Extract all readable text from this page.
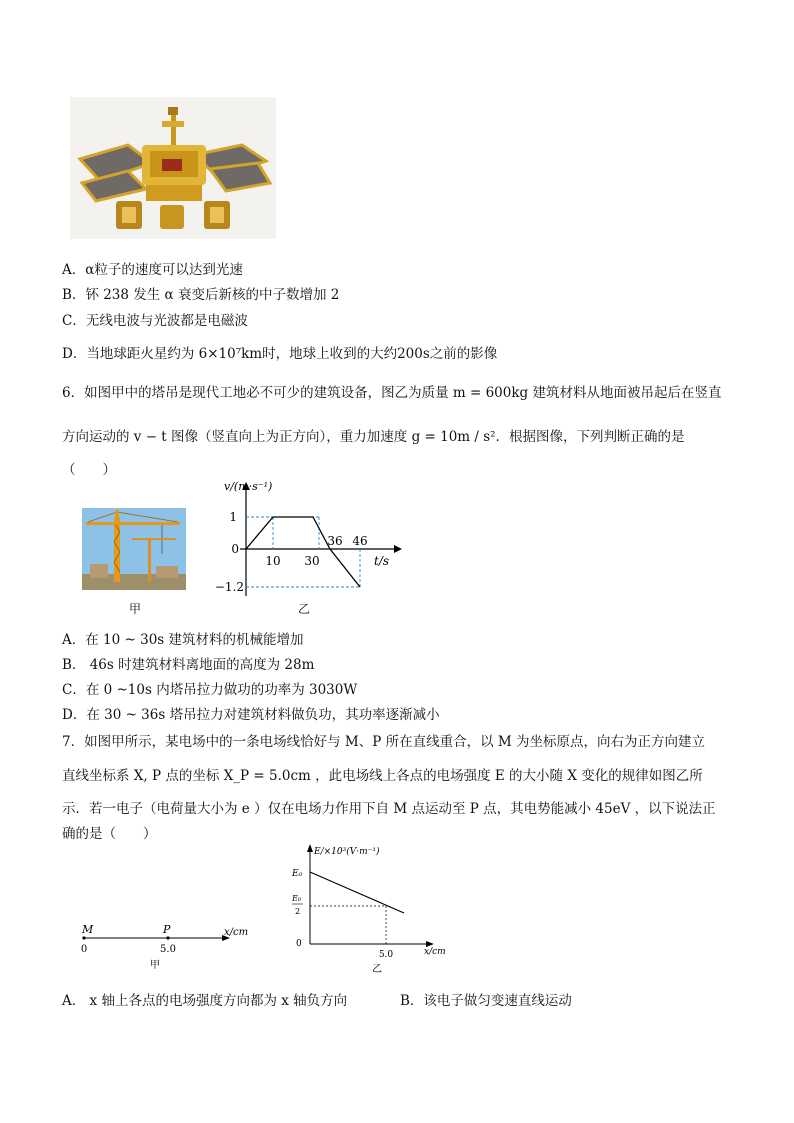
A．α粒子的速度可以达到光速
B．钚 238 发生 α 衰变后新核的中子数增加 2
C．无线电波与光波都是电磁波
D．当地球距火星约为 6×10⁷km时，地球上收到的大约200s之前的影像
6．如图甲中的塔吊是现代工地必不可少的建筑设备，图乙为质量 m = 600kg 建筑材料从地面被吊起后在竖直
方向运动的 v − t 图像（竖直向上为正方向），重力加速度 g = 10m / s²．根据图像，下列判断正确的是
（　　）
甲
v/(m·s⁻¹)
1
0
−1.2
10 30
36 46
t/s
乙
A．在 10 ~ 30s 建筑材料的机械能增加
B． 46s 时建筑材料离地面的高度为 28m
C．在 0 ~10s 内塔吊拉力做功的功率为 3030W
D．在 30 ~ 36s 塔吊拉力对建筑材料做负功，其功率逐渐减小
7．如图甲所示，某电场中的一条电场线恰好与 M、P 所在直线重合，以 M 为坐标原点，向右为正方向建立
直线坐标系 X, P 点的坐标 X_P = 5.0cm ，此电场线上各点的电场强度 E 的大小随 X 变化的规律如图乙所
示．若一电子（电荷量大小为 e ）仅在电场力作用下自 M 点运动至 P 点，其电势能减小 45eV ，以下说法正
确的是（　　）
M	P
0	5.0
x/cm
甲
E/×10³(V·m⁻¹)
E₀
E₀
2
0
5.0	x/cm
乙
A． x 轴上各点的电场强度方向都为 x 轴负方向	B．该电子做匀变速直线运动
